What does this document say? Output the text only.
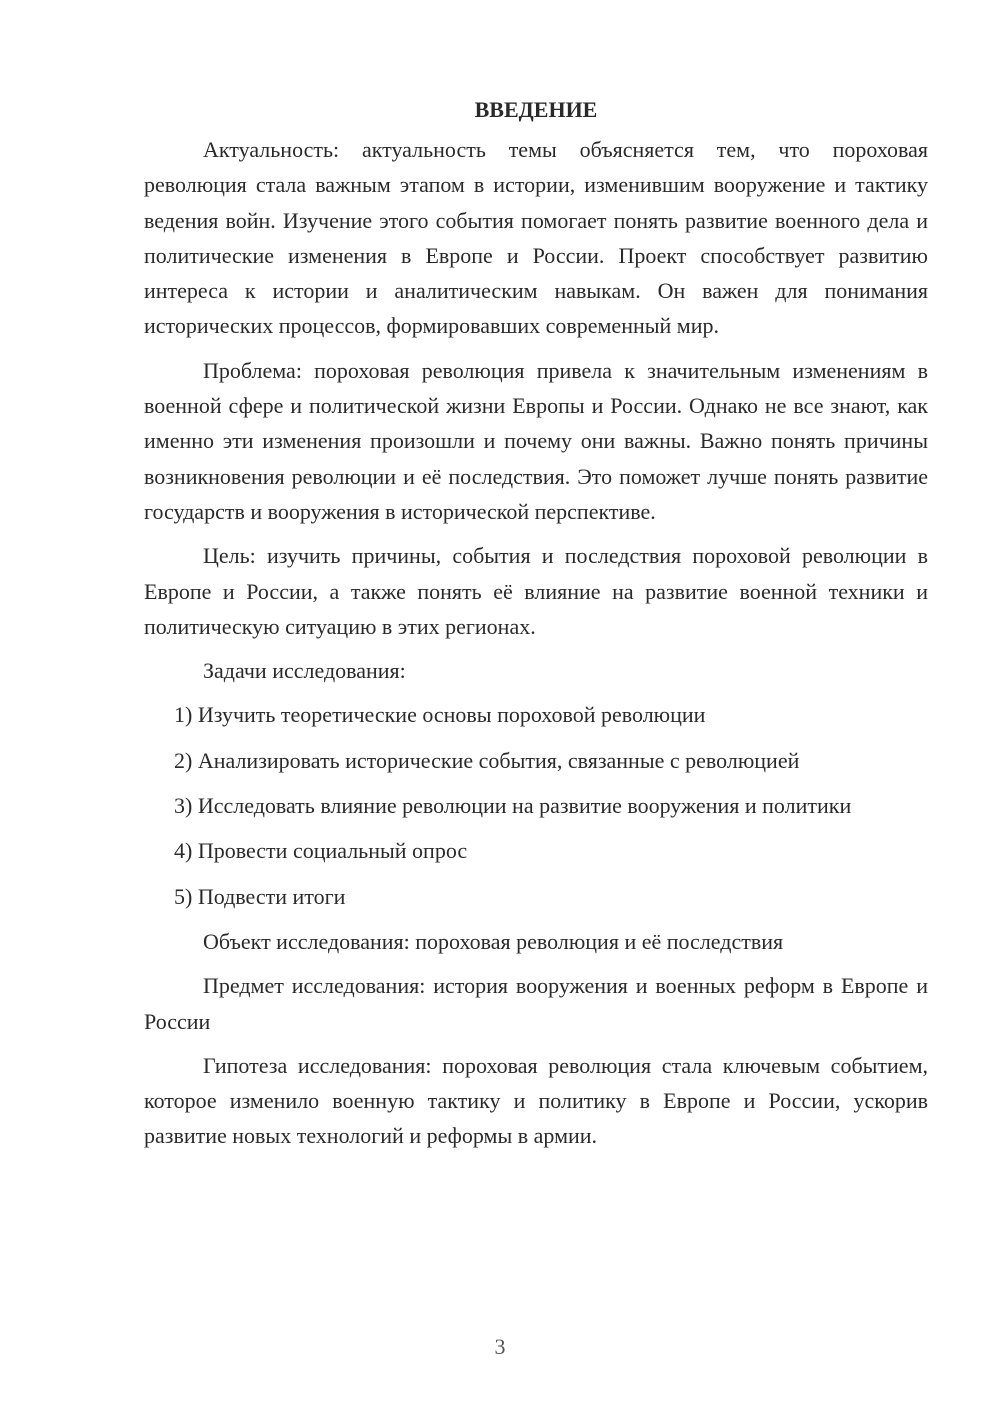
ВВЕДЕНИЕ

Актуальность: актуальность темы объясняется тем, что пороховая революция стала важным этапом в истории, изменившим вооружение и тактику ведения войн. Изучение этого события помогает понять развитие военного дела и политические изменения в Европе и России. Проект способствует развитию интереса к истории и аналитическим навыкам. Он важен для понимания исторических процессов, формировавших современный мир.

Проблема: пороховая революция привела к значительным изменениям в военной сфере и политической жизни Европы и России. Однако не все знают, как именно эти изменения произошли и почему они важны. Важно понять причины возникновения революции и её последствия. Это поможет лучше понять развитие государств и вооружения в исторической перспективе.

Цель: изучить причины, события и последствия пороховой революции в Европе и России, а также понять её влияние на развитие военной техники и политическую ситуацию в этих регионах.

Задачи исследования:

1) Изучить теоретические основы пороховой революции

2) Анализировать исторические события, связанные с революцией

3) Исследовать влияние революции на развитие вооружения и политики

4) Провести социальный опрос

5) Подвести итоги

Объект исследования: пороховая революция и её последствия

Предмет исследования: история вооружения и военных реформ в Европе и России

Гипотеза исследования: пороховая революция стала ключевым событием, которое изменило военную тактику и политику в Европе и России, ускорив развитие новых технологий и реформы в армии.

3
